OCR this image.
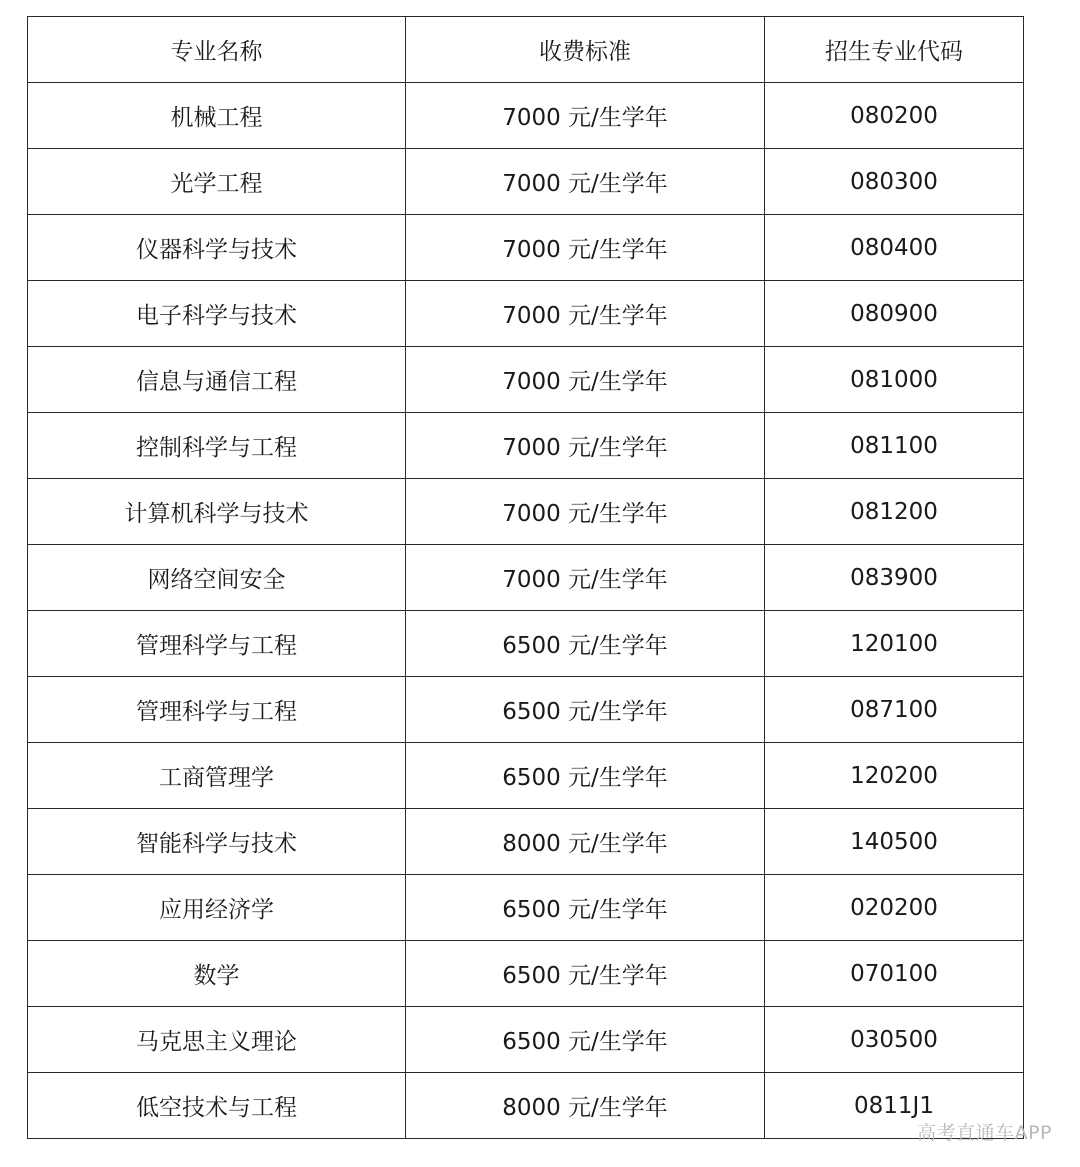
专业名称	收费标准	招生专业代码
机械工程	7000 元/生学年	080200
光学工程	7000 元/生学年	080300
仪器科学与技术	7000 元/生学年	080400
电子科学与技术	7000 元/生学年	080900
信息与通信工程	7000 元/生学年	081000
控制科学与工程	7000 元/生学年	081100
计算机科学与技术	7000 元/生学年	081200
网络空间安全	7000 元/生学年	083900
管理科学与工程	6500 元/生学年	120100
管理科学与工程	6500 元/生学年	087100
工商管理学	6500 元/生学年	120200
智能科学与技术	8000 元/生学年	140500
应用经济学	6500 元/生学年	020200
数学	6500 元/生学年	070100
马克思主义理论	6500 元/生学年	030500
低空技术与工程	8000 元/生学年	0811J1
高考直通车APP
